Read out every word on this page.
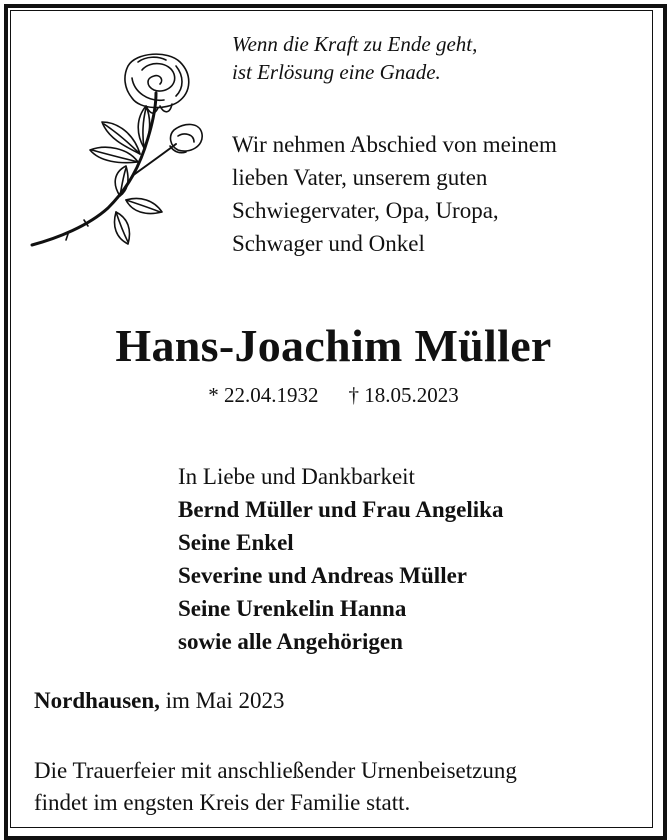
Wenn die Kraft zu Ende geht,
ist Erlösung eine Gnade.
Wir nehmen Abschied von meinem
lieben Vater, unserem guten
Schwiegervater, Opa, Uropa,
Schwager und Onkel
Hans-Joachim Müller
* 22.04.1932 † 18.05.2023
In Liebe und Dankbarkeit
Bernd Müller und Frau Angelika
Seine Enkel
Severine und Andreas Müller
Seine Urenkelin Hanna
sowie alle Angehörigen
Nordhausen, im Mai 2023
Die Trauerfeier mit anschließender Urnenbeisetzung
findet im engsten Kreis der Familie statt.
